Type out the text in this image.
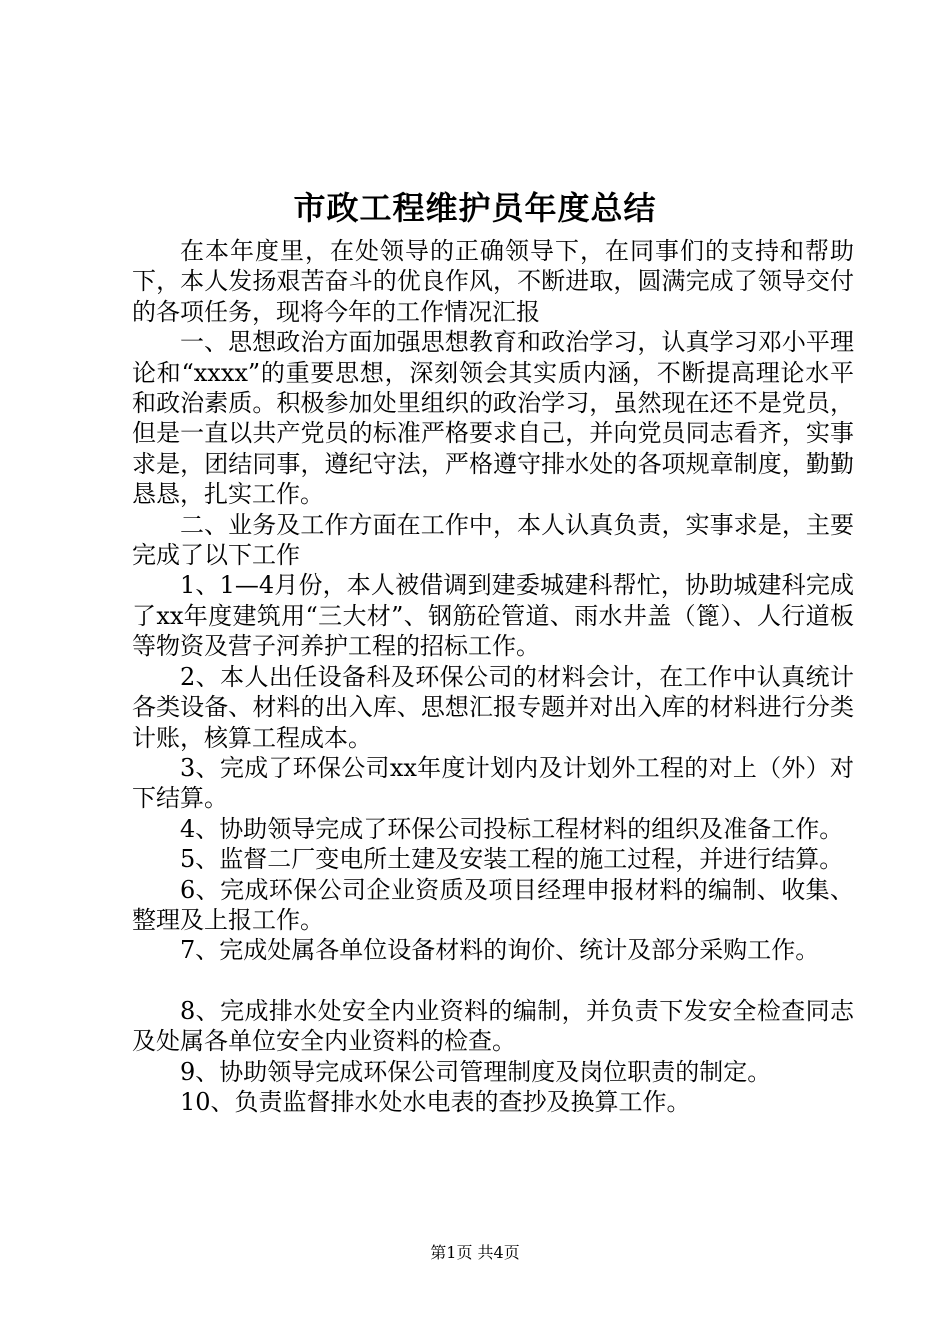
市政工程维护员年度总结

在本年度里，在处领导的正确领导下，在同事们的支持和帮助下，本人发扬艰苦奋斗的优良作风，不断进取，圆满完成了领导交付的各项任务，现将今年的工作情况汇报

一、思想政治方面加强思想教育和政治学习，认真学习邓小平理论和“xxxx”的重要思想，深刻领会其实质内涵，不断提高理论水平和政治素质。积极参加处里组织的政治学习，虽然现在还不是党员，但是一直以共产党员的标准严格要求自己，并向党员同志看齐，实事求是，团结同事，遵纪守法，严格遵守排水处的各项规章制度，勤勤恳恳，扎实工作。

二、业务及工作方面在工作中，本人认真负责，实事求是，主要完成了以下工作

1、1—4月份，本人被借调到建委城建科帮忙，协助城建科完成了xx年度建筑用“三大材”、钢筋砼管道、雨水井盖（篦）、人行道板等物资及营子河养护工程的招标工作。

2、本人出任设备科及环保公司的材料会计，在工作中认真统计各类设备、材料的出入库、思想汇报专题并对出入库的材料进行分类计账，核算工程成本。

3、完成了环保公司xx年度计划内及计划外工程的对上（外）对下结算。

4、协助领导完成了环保公司投标工程材料的组织及准备工作。

5、监督二厂变电所土建及安装工程的施工过程，并进行结算。

6、完成环保公司企业资质及项目经理申报材料的编制、收集、整理及上报工作。

7、完成处属各单位设备材料的询价、统计及部分采购工作。

8、完成排水处安全内业资料的编制，并负责下发安全检查同志及处属各单位安全内业资料的检查。

9、协助领导完成环保公司管理制度及岗位职责的制定。

10、负责监督排水处水电表的查抄及换算工作。

第1页 共4页
